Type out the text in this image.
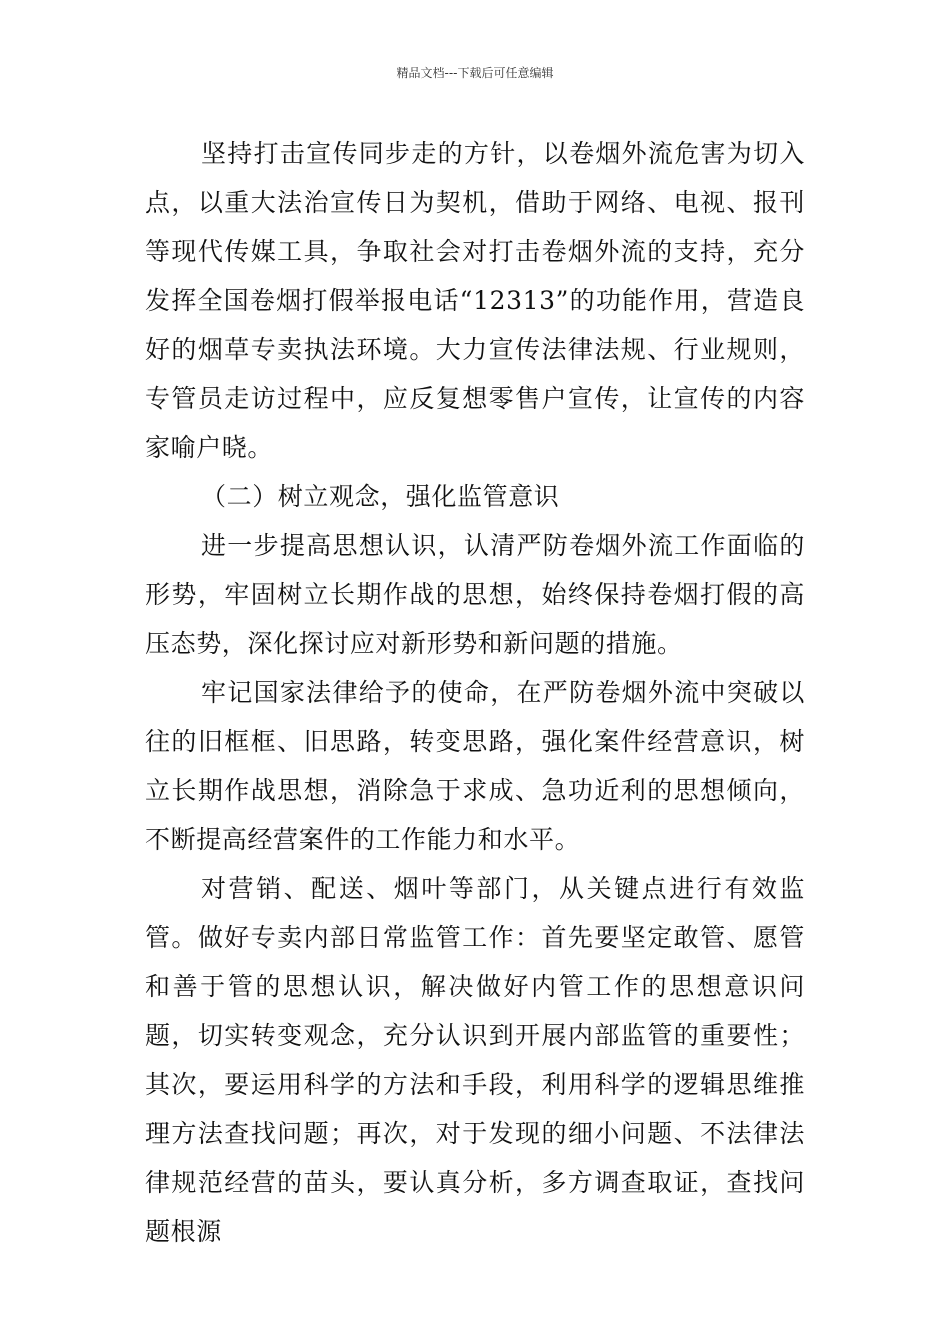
精品文档---下载后可任意编辑

坚持打击宣传同步走的方针，以卷烟外流危害为切入点，以重大法治宣传日为契机，借助于网络、电视、报刊等现代传媒工具，争取社会对打击卷烟外流的支持，充分发挥全国卷烟打假举报电话“12313”的功能作用，营造良好的烟草专卖执法环境。大力宣传法律法规、行业规则，专管员走访过程中，应反复想零售户宣传，让宣传的内容家喻户晓。

（二）树立观念，强化监管意识

进一步提高思想认识，认清严防卷烟外流工作面临的形势，牢固树立长期作战的思想，始终保持卷烟打假的高压态势，深化探讨应对新形势和新问题的措施。

牢记国家法律给予的使命，在严防卷烟外流中突破以往的旧框框、旧思路，转变思路，强化案件经营意识，树立长期作战思想，消除急于求成、急功近利的思想倾向，不断提高经营案件的工作能力和水平。

对营销、配送、烟叶等部门，从关键点进行有效监管。做好专卖内部日常监管工作：首先要坚定敢管、愿管和善于管的思想认识，解决做好内管工作的思想意识问题，切实转变观念，充分认识到开展内部监管的重要性；其次，要运用科学的方法和手段，利用科学的逻辑思维推理方法查找问题；再次，对于发现的细小问题、不法律法律规范经营的苗头，要认真分析，多方调查取证，查找问题根源
